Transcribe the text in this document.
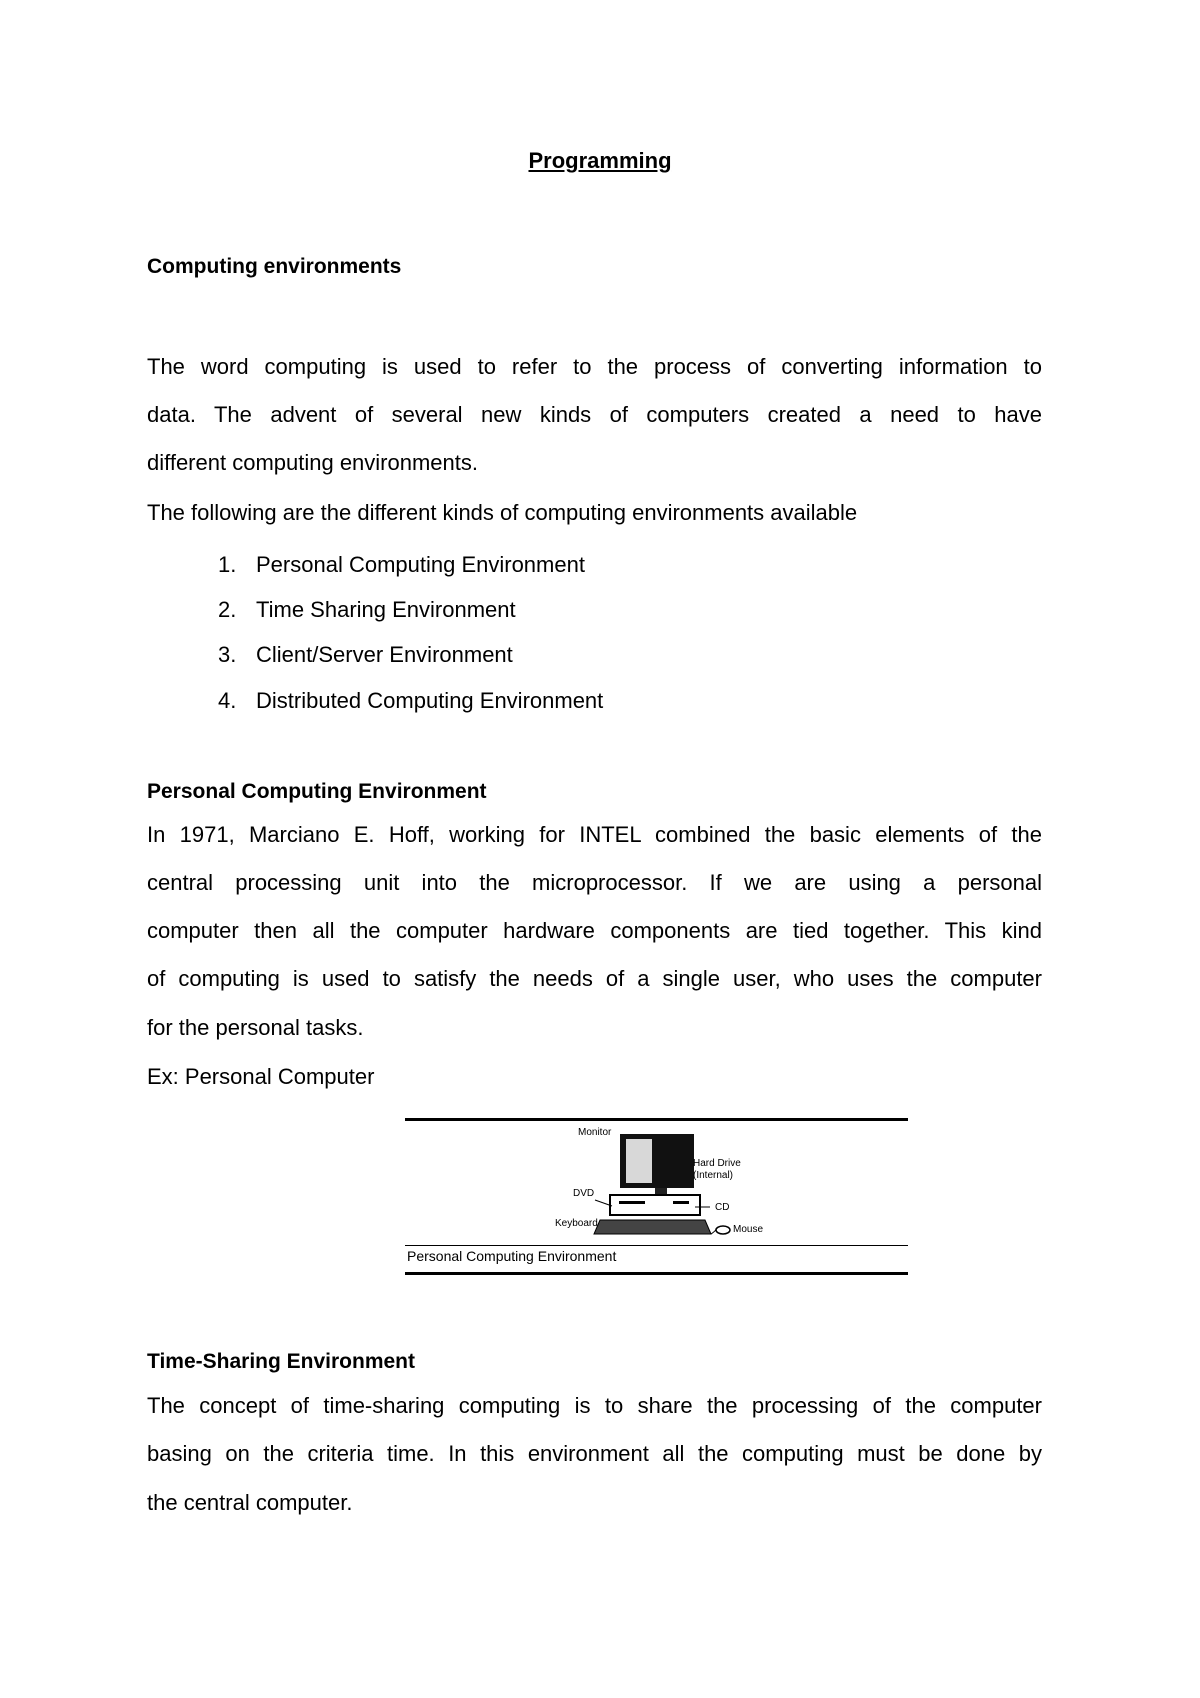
Programming
Computing environments
The word computing is used to refer to the process of converting information to
data. The advent of several new kinds of computers created a need to have
different computing environments.
The following are the different kinds of computing environments available
1. Personal Computing Environment
2. Time Sharing Environment
3. Client/Server Environment
4. Distributed Computing Environment
Personal Computing Environment
In 1971, Marciano E. Hoff, working for INTEL combined the basic elements of the
central processing unit into the microprocessor. If we are using a personal
computer then all the computer hardware components are tied together. This kind
of computing is used to satisfy the needs of a single user, who uses the computer
for the personal tasks.
Ex: Personal Computer
Monitor
Hard Drive
(Internal)
DVD
CD
Keyboard
Mouse
Personal Computing Environment
Time-Sharing Environment
The concept of time-sharing computing is to share the processing of the computer
basing on the criteria time. In this environment all the computing must be done by
the central computer.
